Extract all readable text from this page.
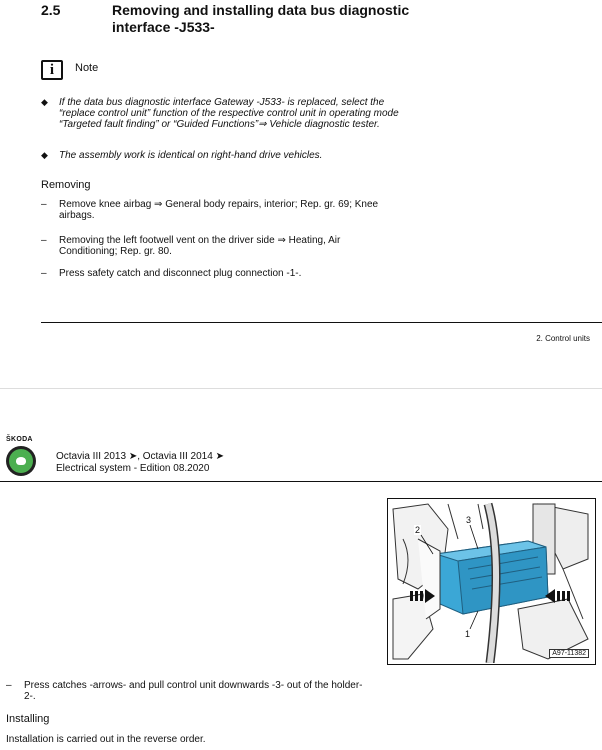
2.5	Removing and installing data bus diagnostic interface -J533-
i	Note
◆ If the data bus diagnostic interface Gateway -J533- is replaced, select the “replace control unit” function of the respective control unit in operating mode “Targeted fault finding” or “Guided Functions”⇒ Vehicle diagnostic tester.
◆ The assembly work is identical on right-hand drive vehicles.
Removing
– Remove knee airbag ⇒ General body repairs, interior; Rep. gr. 69; Knee airbags.
– Removing the left footwell vent on the driver side ⇒ Heating, Air Conditioning; Rep. gr. 80.
– Press safety catch and disconnect plug connection -1-.
2. Control units
ŠKODA
Octavia III 2013 ➤, Octavia III 2014 ➤
Electrical system - Edition 08.2020
2
3
1
A97-11382
– Press catches -arrows- and pull control unit downwards -3- out of the holder-2-.
Installing
Installation is carried out in the reverse order.
